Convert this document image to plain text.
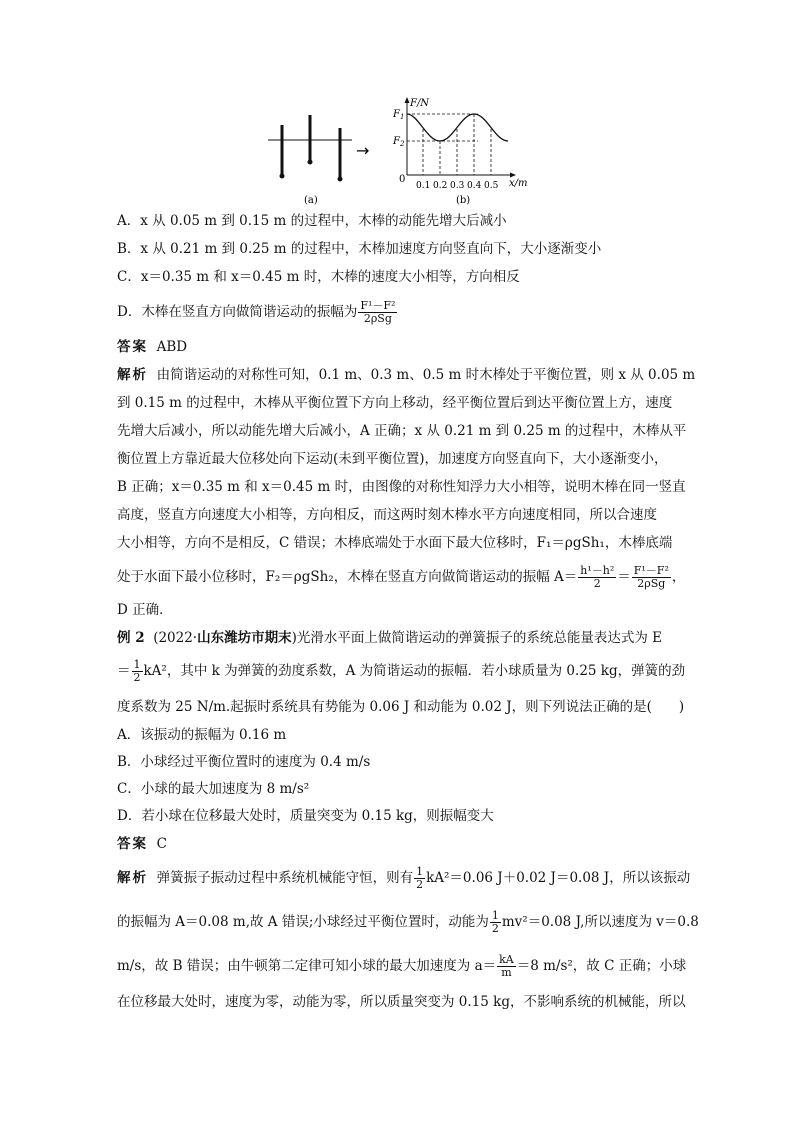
→
(a)
F/N
x/m
0
$F_1$
$F_2$
0.1 0.2 0.3 0.4 0.5
(b)
A．x 从 0.05 m 到 0.15 m 的过程中，木棒的动能先增大后减小
B．x 从 0.21 m 到 0.25 m 的过程中，木棒加速度方向竖直向下，大小逐渐变小
C．x＝0.35 m 和 x＝0.45 m 时，木棒的速度大小相等，方向相反
D．木棒在竖直方向做简谐运动的振幅为 $\frac{\text{F¹－F²}}{\text{2ρSg}}$
答案 ABD
解析 由简谐运动的对称性可知，0.1 m、0.3 m、0.5 m 时木棒处于平衡位置，则 x 从 0.05 m
到 0.15 m 的过程中，木棒从平衡位置下方向上移动，经平衡位置后到达平衡位置上方，速度
先增大后减小，所以动能先增大后减小，A 正确；x 从 0.21 m 到 0.25 m 的过程中，木棒从平
衡位置上方靠近最大位移处向下运动(未到平衡位置)，加速度方向竖直向下，大小逐渐变小，
B 正确；x＝0.35 m 和 x＝0.45 m 时，由图像的对称性知浮力大小相等，说明木棒在同一竖直
高度，竖直方向速度大小相等，方向相反，而这两时刻木棒水平方向速度相同，所以合速度
大小相等，方向不是相反，C 错误；木棒底端处于水面下最大位移时，F₁＝ρgSh₁，木棒底端
处于水面下最小位移时，F₂＝ρgSh₂，木棒在竖直方向做简谐运动的振幅 $A= \frac{\text{h¹－h²}}{2} = \frac{\text{F¹－F²}}{\text{2ρSg}}$ ，
D 正确．
例 2 (2022·山东潍坊市期末)光滑水平面上做简谐运动的弹簧振子的系统总能量表达式为 E
＝ $\frac{1}{2} kA^2$，其中 k 为弹簧的劲度系数，A 为简谐运动的振幅．若小球质量为 0.25 kg，弹簧的劲
度系数为 25 N/m.起振时系统具有势能为 0.06 J 和动能为 0.02 J，则下列说法正确的是(　　)
A．该振动的振幅为 0.16 m
B．小球经过平衡位置时的速度为 0.4 m/s
C．小球的最大加速度为 8 m/s²
D．若小球在位移最大处时，质量突变为 0.15 kg，则振幅变大
答案 C
解析 弹簧振子振动过程中系统机械能守恒，则有 $\frac{1}{2} kA^2=0.06$ J＋0.02 J＝0.08 J，所以该振动
的振幅为 A＝0.08 m,故 A 错误;小球经过平衡位置时，动能为 $\frac{1}{2} mv^2=0.08$ J,所以速度为 v＝0.8
m/s，故 B 错误；由牛顿第二定律可知小球的最大加速度为 $a= \frac{kA}{m} =8$ m/s²，故 C 正确；小球
在位移最大处时，速度为零，动能为零，所以质量突变为 0.15 kg，不影响系统的机械能，所以
